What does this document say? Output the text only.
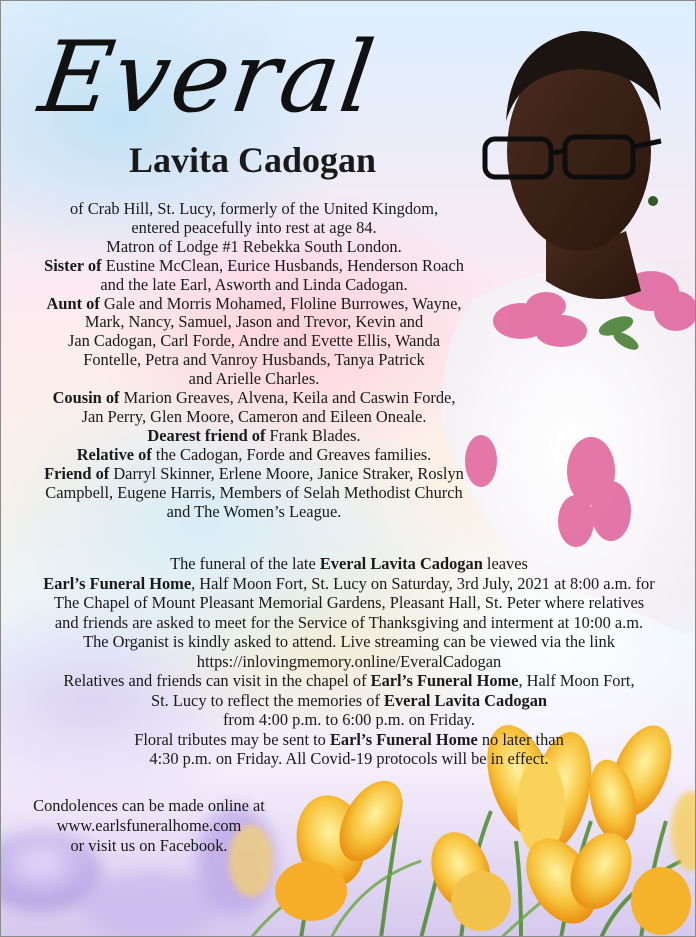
Everal
Lavita Cadogan

of Crab Hill, St. Lucy, formerly of the United Kingdom,

entered peacefully into rest at age 84.

Matron of Lodge #1 Rebekka South London.

Sister of Eustine McClean, Eurice Husbands, Henderson Roach

and the late Earl, Asworth and Linda Cadogan.

Aunt of Gale and Morris Mohamed, Floline Burrowes, Wayne,

Mark, Nancy, Samuel, Jason and Trevor, Kevin and

Jan Cadogan, Carl Forde, Andre and Evette Ellis, Wanda

Fontelle, Petra and Vanroy Husbands, Tanya Patrick

and Arielle Charles.

Cousin of Marion Greaves, Alvena, Keila and Caswin Forde,

Jan Perry, Glen Moore, Cameron and Eileen Oneale.

Dearest friend of Frank Blades.

Relative of the Cadogan, Forde and Greaves families.

Friend of Darryl Skinner, Erlene Moore, Janice Straker, Roslyn

Campbell, Eugene Harris, Members of Selah Methodist Church

and The Women’s League.

The funeral of the late Everal Lavita Cadogan leaves

Earl’s Funeral Home, Half Moon Fort, St. Lucy on Saturday, 3rd July, 2021 at 8:00 a.m. for

The Chapel of Mount Pleasant Memorial Gardens, Pleasant Hall, St. Peter where relatives

and friends are asked to meet for the Service of Thanksgiving and interment at 10:00 a.m.

The Organist is kindly asked to attend. Live streaming can be viewed via the link

https://inlovingmemory.online/EveralCadogan

Relatives and friends can visit in the chapel of Earl’s Funeral Home, Half Moon Fort,

St. Lucy to reflect the memories of Everal Lavita Cadogan

from 4:00 p.m. to 6:00 p.m. on Friday.

Floral tributes may be sent to Earl’s Funeral Home no later than

4:30 p.m. on Friday. All Covid-19 protocols will be in effect.

Condolences can be made online at

www.earlsfuneralhome.com

or visit us on Facebook.
